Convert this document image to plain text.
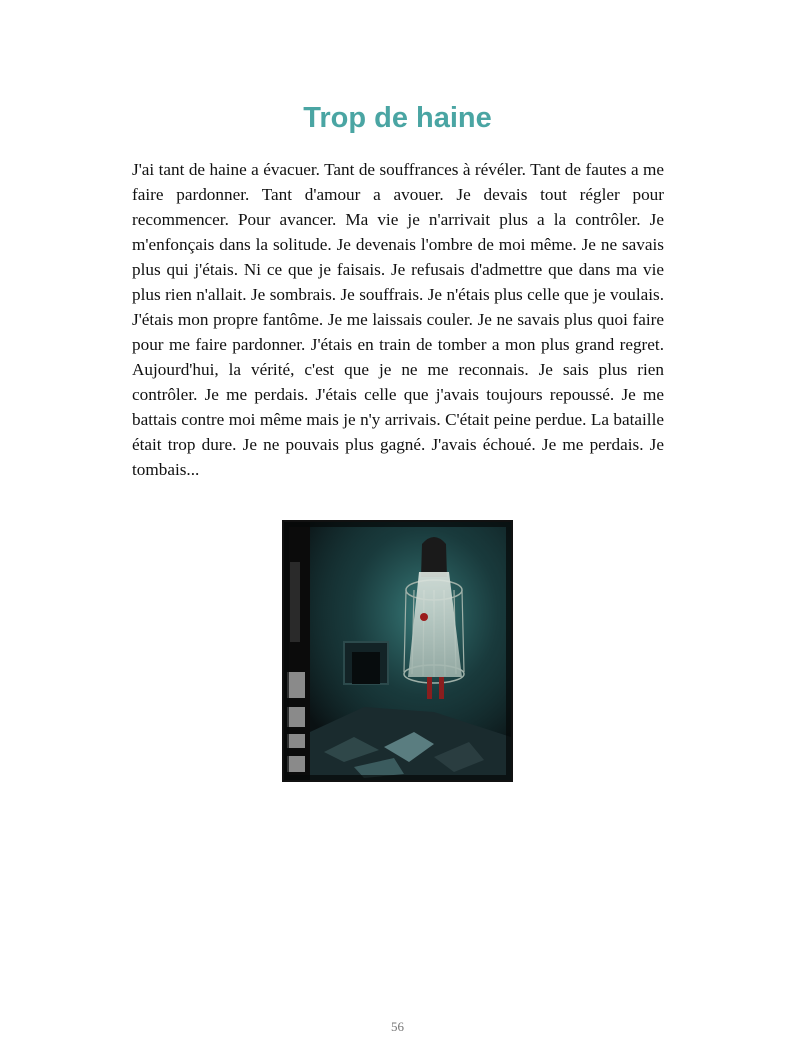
Trop de haine

J'ai tant de haine a évacuer. Tant de souffrances à révéler. Tant de fautes a me faire pardonner. Tant d'amour a avouer. Je devais tout régler pour recommencer. Pour avancer. Ma vie je n'arrivait plus a la contrôler. Je m'enfonçais dans la solitude. Je devenais l'ombre de moi même. Je ne savais plus qui j'étais. Ni ce que je faisais. Je refusais d'admettre que dans ma vie plus rien n'allait. Je sombrais. Je souffrais. Je n'étais plus celle que je voulais. J'étais mon propre fantôme. Je me laissais couler. Je ne savais plus quoi faire pour me faire pardonner. J'étais en train de tomber a mon plus grand regret. Aujourd'hui, la vérité, c'est que je ne me reconnais. Je sais plus rien contrôler. Je me perdais. J'étais celle que j'avais toujours repoussé. Je me battais contre moi même mais je n'y arrivais. C'était peine perdue. La bataille était trop dure. Je ne pouvais plus gagné. J'avais échoué. Je me perdais. Je tombais...

56
